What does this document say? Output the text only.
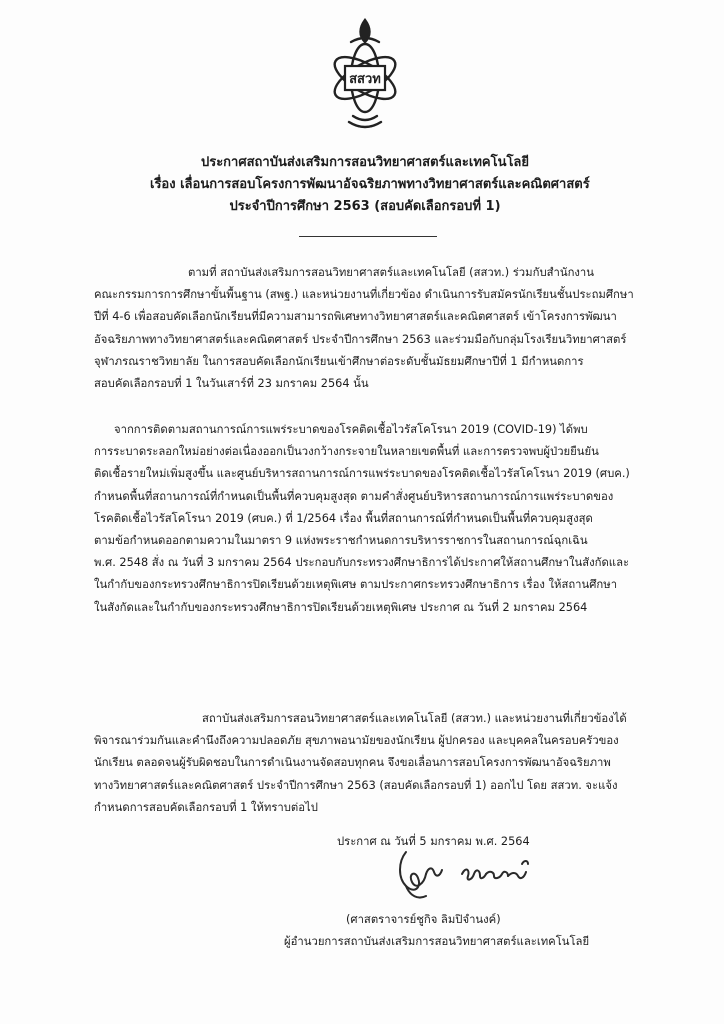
สสวท
ประกาศสถาบันส่งเสริมการสอนวิทยาศาสตร์และเทคโนโลยี
เรื่อง เลื่อนการสอบโครงการพัฒนาอัจฉริยภาพทางวิทยาศาสตร์และคณิตศาสตร์
ประจำปีการศึกษา 2563 (สอบคัดเลือกรอบที่ 1)
ตามที่ สถาบันส่งเสริมการสอนวิทยาศาสตร์และเทคโนโลยี (สสวท.) ร่วมกับสำนักงาน
คณะกรรมการการศึกษาขั้นพื้นฐาน (สพฐ.) และหน่วยงานที่เกี่ยวข้อง ดำเนินการรับสมัครนักเรียนชั้นประถมศึกษา
ปีที่ 4-6 เพื่อสอบคัดเลือกนักเรียนที่มีความสามารถพิเศษทางวิทยาศาสตร์และคณิตศาสตร์ เข้าโครงการพัฒนา
อัจฉริยภาพทางวิทยาศาสตร์และคณิตศาสตร์ ประจำปีการศึกษา 2563 และร่วมมือกับกลุ่มโรงเรียนวิทยาศาสตร์
จุฬาภรณราชวิทยาลัย ในการสอบคัดเลือกนักเรียนเข้าศึกษาต่อระดับชั้นมัธยมศึกษาปีที่ 1 มีกำหนดการ
สอบคัดเลือกรอบที่ 1 ในวันเสาร์ที่ 23 มกราคม 2564 นั้น
จากการติดตามสถานการณ์การแพร่ระบาดของโรคติดเชื้อไวรัสโคโรนา 2019 (COVID-19) ได้พบ
การระบาดระลอกใหม่อย่างต่อเนื่องออกเป็นวงกว้างกระจายในหลายเขตพื้นที่ และการตรวจพบผู้ป่วยยืนยัน
ติดเชื้อรายใหม่เพิ่มสูงขึ้น และศูนย์บริหารสถานการณ์การแพร่ระบาดของโรคติดเชื้อไวรัสโคโรนา 2019 (ศบค.)
กำหนดพื้นที่สถานการณ์ที่กำหนดเป็นพื้นที่ควบคุมสูงสุด ตามคำสั่งศูนย์บริหารสถานการณ์การแพร่ระบาดของ
โรคติดเชื้อไวรัสโคโรนา 2019 (ศบค.) ที่ 1/2564 เรื่อง พื้นที่สถานการณ์ที่กำหนดเป็นพื้นที่ควบคุมสูงสุด
ตามข้อกำหนดออกตามความในมาตรา 9 แห่งพระราชกำหนดการบริหารราชการในสถานการณ์ฉุกเฉิน
พ.ศ. 2548 สั่ง ณ วันที่ 3 มกราคม 2564 ประกอบกับกระทรวงศึกษาธิการได้ประกาศให้สถานศึกษาในสังกัดและ
ในกำกับของกระทรวงศึกษาธิการปิดเรียนด้วยเหตุพิเศษ ตามประกาศกระทรวงศึกษาธิการ เรื่อง ให้สถานศึกษา
ในสังกัดและในกำกับของกระทรวงศึกษาธิการปิดเรียนด้วยเหตุพิเศษ ประกาศ ณ วันที่ 2 มกราคม 2564
สถาบันส่งเสริมการสอนวิทยาศาสตร์และเทคโนโลยี (สสวท.) และหน่วยงานที่เกี่ยวข้องได้
พิจารณาร่วมกันและคำนึงถึงความปลอดภัย สุขภาพอนามัยของนักเรียน ผู้ปกครอง และบุคคลในครอบครัวของ
นักเรียน ตลอดจนผู้รับผิดชอบในการดำเนินงานจัดสอบทุกคน จึงขอเลื่อนการสอบโครงการพัฒนาอัจฉริยภาพ
ทางวิทยาศาสตร์และคณิตศาสตร์ ประจำปีการศึกษา 2563 (สอบคัดเลือกรอบที่ 1) ออกไป โดย สสวท. จะแจ้ง
กำหนดการสอบคัดเลือกรอบที่ 1 ให้ทราบต่อไป
ประกาศ ณ วันที่ 5 มกราคม พ.ศ. 2564
(ศาสตราจารย์ชูกิจ ลิมปิจำนงค์)
ผู้อำนวยการสถาบันส่งเสริมการสอนวิทยาศาสตร์และเทคโนโลยี
